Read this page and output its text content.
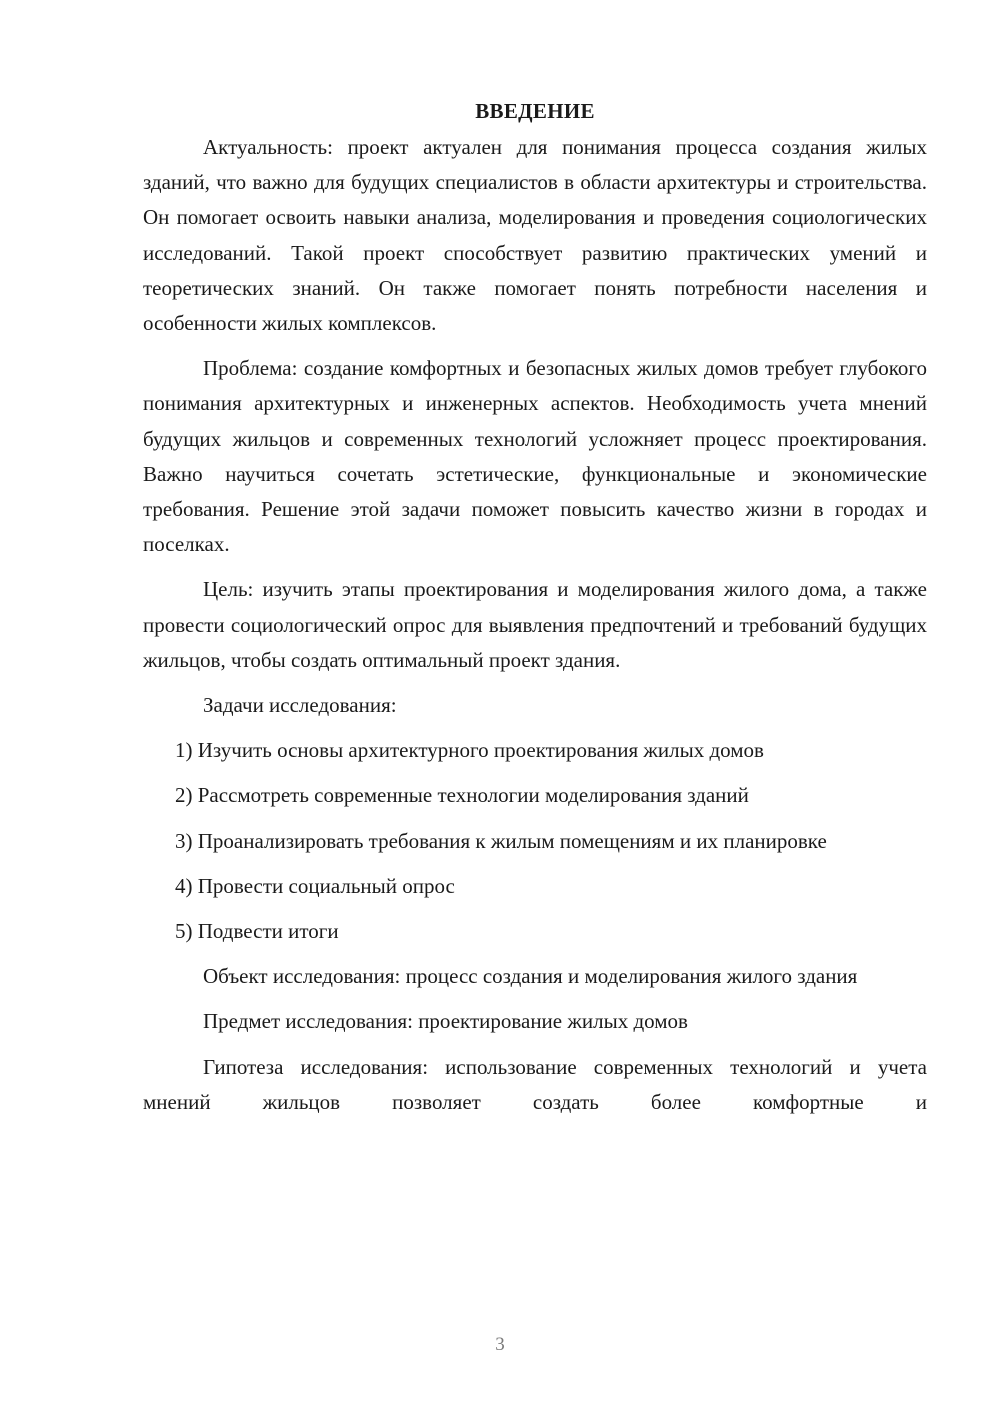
ВВЕДЕНИЕ

Актуальность: проект актуален для понимания процесса создания жилых зданий, что важно для будущих специалистов в области архитектуры и строительства. Он помогает освоить навыки анализа, моделирования и проведения социологических исследований. Такой проект способствует развитию практических умений и теоретических знаний. Он также помогает понять потребности населения и особенности жилых комплексов.

Проблема: создание комфортных и безопасных жилых домов требует глубокого понимания архитектурных и инженерных аспектов. Необходимость учета мнений будущих жильцов и современных технологий усложняет процесс проектирования. Важно научиться сочетать эстетические, функциональные и экономические требования. Решение этой задачи поможет повысить качество жизни в городах и поселках.

Цель: изучить этапы проектирования и моделирования жилого дома, а также провести социологический опрос для выявления предпочтений и требований будущих жильцов, чтобы создать оптимальный проект здания.

Задачи исследования:

1) Изучить основы архитектурного проектирования жилых домов

2) Рассмотреть современные технологии моделирования зданий

3) Проанализировать требования к жилым помещениям и их планировке

4) Провести социальный опрос

5) Подвести итоги

Объект исследования: процесс создания и моделирования жилого здания

Предмет исследования: проектирование жилых домов

Гипотеза исследования: использование современных технологий и учета мнений жильцов позволяет создать более комфортные и

3
